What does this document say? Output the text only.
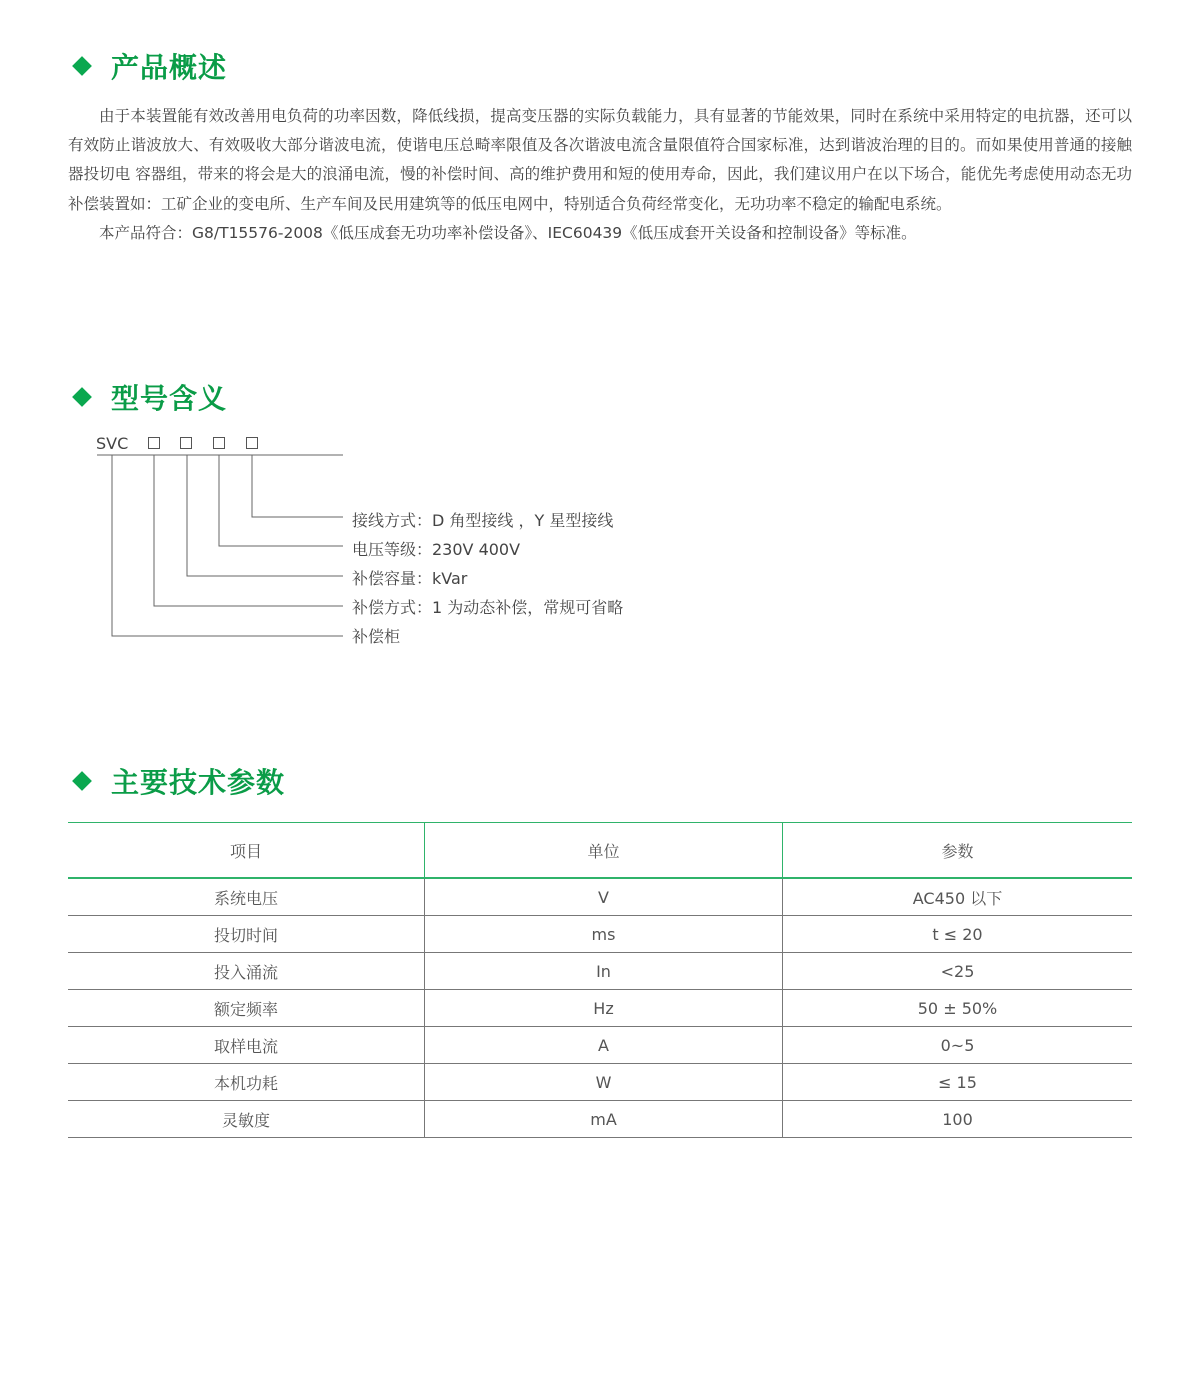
产品概述

由于本装置能有效改善用电负荷的功率因数，降低线损，提高变压器的实际负载能力，具有显著的节能效果，同时在系统中采用特定的电抗器，还可以有效防止谐波放大、有效吸收大部分谐波电流，使谐电压总畸率限值及各次谐波电流含量限值符合国家标准，达到谐波治理的目的。而如果使用普通的接触器投切电 容器组，带来的将会是大的浪涌电流，慢的补偿时间、高的维护费用和短的使用寿命，因此，我们建议用户在以下场合，能优先考虑使用动态无功补偿装置如：工矿企业的变电所、生产车间及民用建筑等的低压电网中，特别适合负荷经常变化，无功功率不稳定的输配电系统。

本产品符合：G8/T15576-2008《低压成套无功功率补偿设备》、IEC60439《低压成套开关设备和控制设备》等标准。

型号含义
SVC
接线方式：D 角型接线 ，Y 星型接线
电压等级：230V 400V
补偿容量：kVar
补偿方式：1 为动态补偿，常规可省略
补偿柜
主要技术参数
项目	单位	参数
系统电压	V	AC450 以下
投切时间	ms	t ≤ 20
投入涌流	In	<25
额定频率	Hz	50 ± 50%
取样电流	A	0~5
本机功耗	W	≤ 15
灵敏度	mA	100
